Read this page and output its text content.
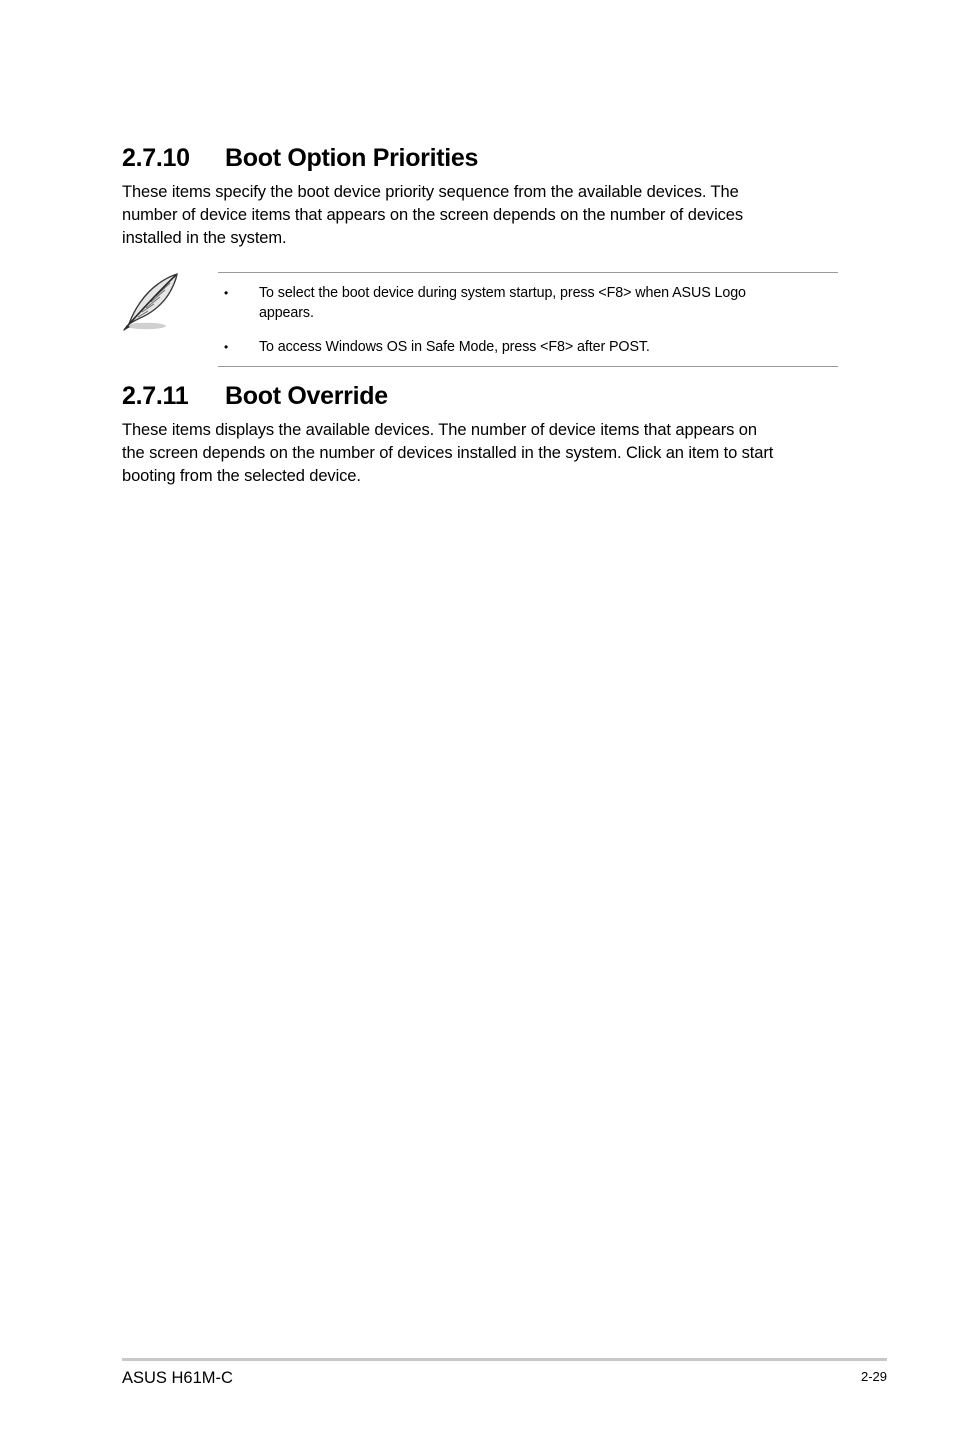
2.7.10 Boot Option Priorities

These items specify the boot device priority sequence from the available devices. The
number of device items that appears on the screen depends on the number of devices
installed in the system.

• To select the boot device during system startup, press <F8> when ASUS Logo
appears.
• To access Windows OS in Safe Mode, press <F8> after POST.
2.7.11 Boot Override

These items displays the available devices. The number of device items that appears on
the screen depends on the number of devices installed in the system. Click an item to start
booting from the selected device.

ASUS H61M-C	2-29
